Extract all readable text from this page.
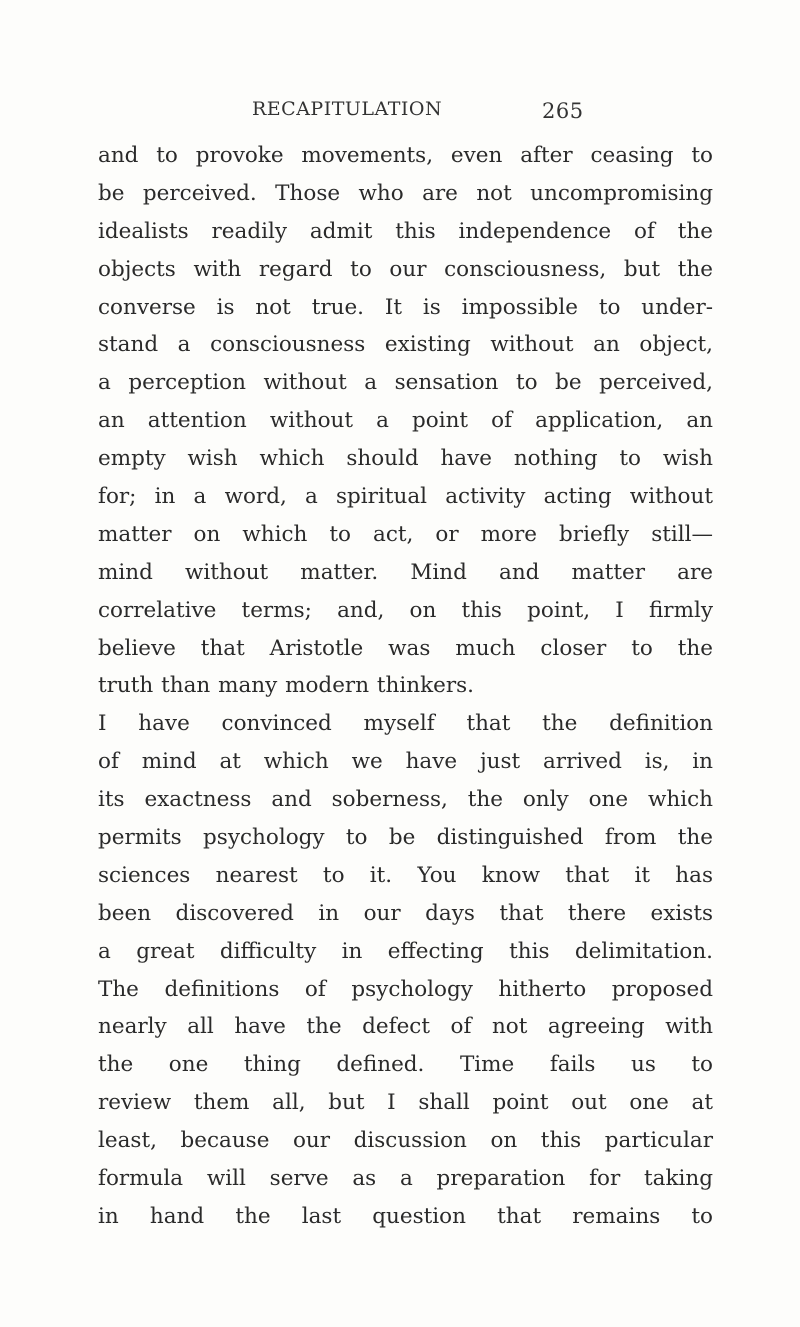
RECAPITULATION	265
and to provoke movements, even after ceasing to
be perceived. Those who are not uncompromising
idealists readily admit this independence of the
objects with regard to our consciousness, but the
converse is not true. It is impossible to under-
stand a consciousness existing without an object,
a perception without a sensation to be perceived,
an attention without a point of application, an
empty wish which should have nothing to wish
for; in a word, a spiritual activity acting without
matter on which to act, or more briefly still—
mind without matter. Mind and matter are
correlative terms; and, on this point, I firmly
believe that Aristotle was much closer to the
truth than many modern thinkers.
I have convinced myself that the definition
of mind at which we have just arrived is, in
its exactness and soberness, the only one which
permits psychology to be distinguished from the
sciences nearest to it. You know that it has
been discovered in our days that there exists
a great difficulty in effecting this delimitation.
The definitions of psychology hitherto proposed
nearly all have the defect of not agreeing with
the one thing defined. Time fails us to
review them all, but I shall point out one at
least, because our discussion on this particular
formula will serve as a preparation for taking
in hand the last question that remains to
